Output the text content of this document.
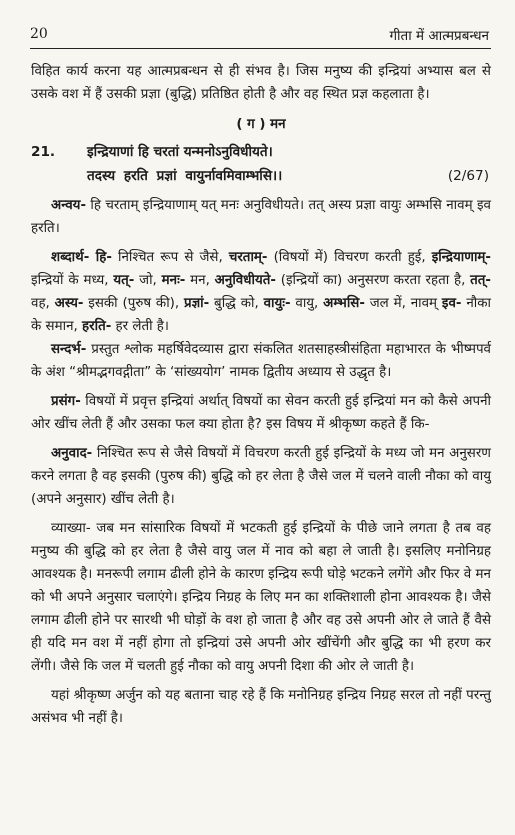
20	गीता में आत्मप्रबन्धन

विहित कार्य करना यह आत्मप्रबन्धन से ही संभव है। जिस मनुष्य की इन्द्रियां अभ्यास बल से उसके वश में हैं उसकी प्रज्ञा (बुद्धि) प्रतिष्ठित होती है और वह स्थित प्रज्ञ कहलाता है।

( ग ) मन
21. इन्द्रियाणां हि चरतां यन्मनोऽनुविधीयते।
तदस्य हरति प्रज्ञां वायुर्नावमिवाम्भसि।।	(2/67)

अन्वय- हि चरताम् इन्द्रियाणाम् यत् मनः अनुविधीयते। तत् अस्य प्रज्ञा वायुः अम्भसि नावम् इव हरति।

शब्दार्थ- हि- निश्चित रूप से जैसे, चरताम्- (विषयों में) विचरण करती हुई, इन्द्रियाणाम्- इन्द्रियों के मध्य, यत्- जो, मनः- मन, अनुविधीयते- (इन्द्रियों का) अनुसरण करता रहता है, तत्- वह, अस्य- इसकी (पुरुष की), प्रज्ञां- बुद्धि को, वायुः- वायु, अम्भसि- जल में, नावम् इव- नौका के समान, हरति- हर लेती है।

सन्दर्भ- प्रस्तुत श्लोक महर्षिवेदव्यास द्वारा संकलित शतसाहस्त्रीसंहिता महाभारत के भीष्मपर्व के अंश “श्रीमद्भगवद्गीता” के ‘सांख्ययोग’ नामक द्वितीय अध्याय से उद्धृत है।

प्रसंग- विषयों में प्रवृत्त इन्द्रियां अर्थात् विषयों का सेवन करती हुई इन्द्रियां मन को कैसे अपनी ओर खींच लेती हैं और उसका फल क्या होता है? इस विषय में श्रीकृष्ण कहते हैं कि-

अनुवाद- निश्चित रूप से जैसे विषयों में विचरण करती हुई इन्द्रियों के मध्य जो मन अनुसरण करने लगता है वह इसकी (पुरुष की) बुद्धि को हर लेता है जैसे जल में चलने वाली नौका को वायु (अपने अनुसार) खींच लेती है।

व्याख्या- जब मन सांसारिक विषयों में भटकती हुई इन्द्रियों के पीछे जाने लगता है तब वह मनुष्य की बुद्धि को हर लेता है जैसे वायु जल में नाव को बहा ले जाती है। इसलिए मनोनिग्रह आवश्यक है। मनरूपी लगाम ढीली होने के कारण इन्द्रिय रूपी घोड़े भटकने लगेंगे और फिर वे मन को भी अपने अनुसार चलाएंगे। इन्द्रिय निग्रह के लिए मन का शक्तिशाली होना आवश्यक है। जैसे लगाम ढीली होने पर सारथी भी घोड़ों के वश हो जाता है और वह उसे अपनी ओर ले जाते हैं वैसे ही यदि मन वश में नहीं होगा तो इन्द्रियां उसे अपनी ओर खींचेंगी और बुद्धि का भी हरण कर लेंगी। जैसे कि जल में चलती हुई नौका को वायु अपनी दिशा की ओर ले जाती है।

यहां श्रीकृष्ण अर्जुन को यह बताना चाह रहे हैं कि मनोनिग्रह इन्द्रिय निग्रह सरल तो नहीं परन्तु असंभव भी नहीं है।
